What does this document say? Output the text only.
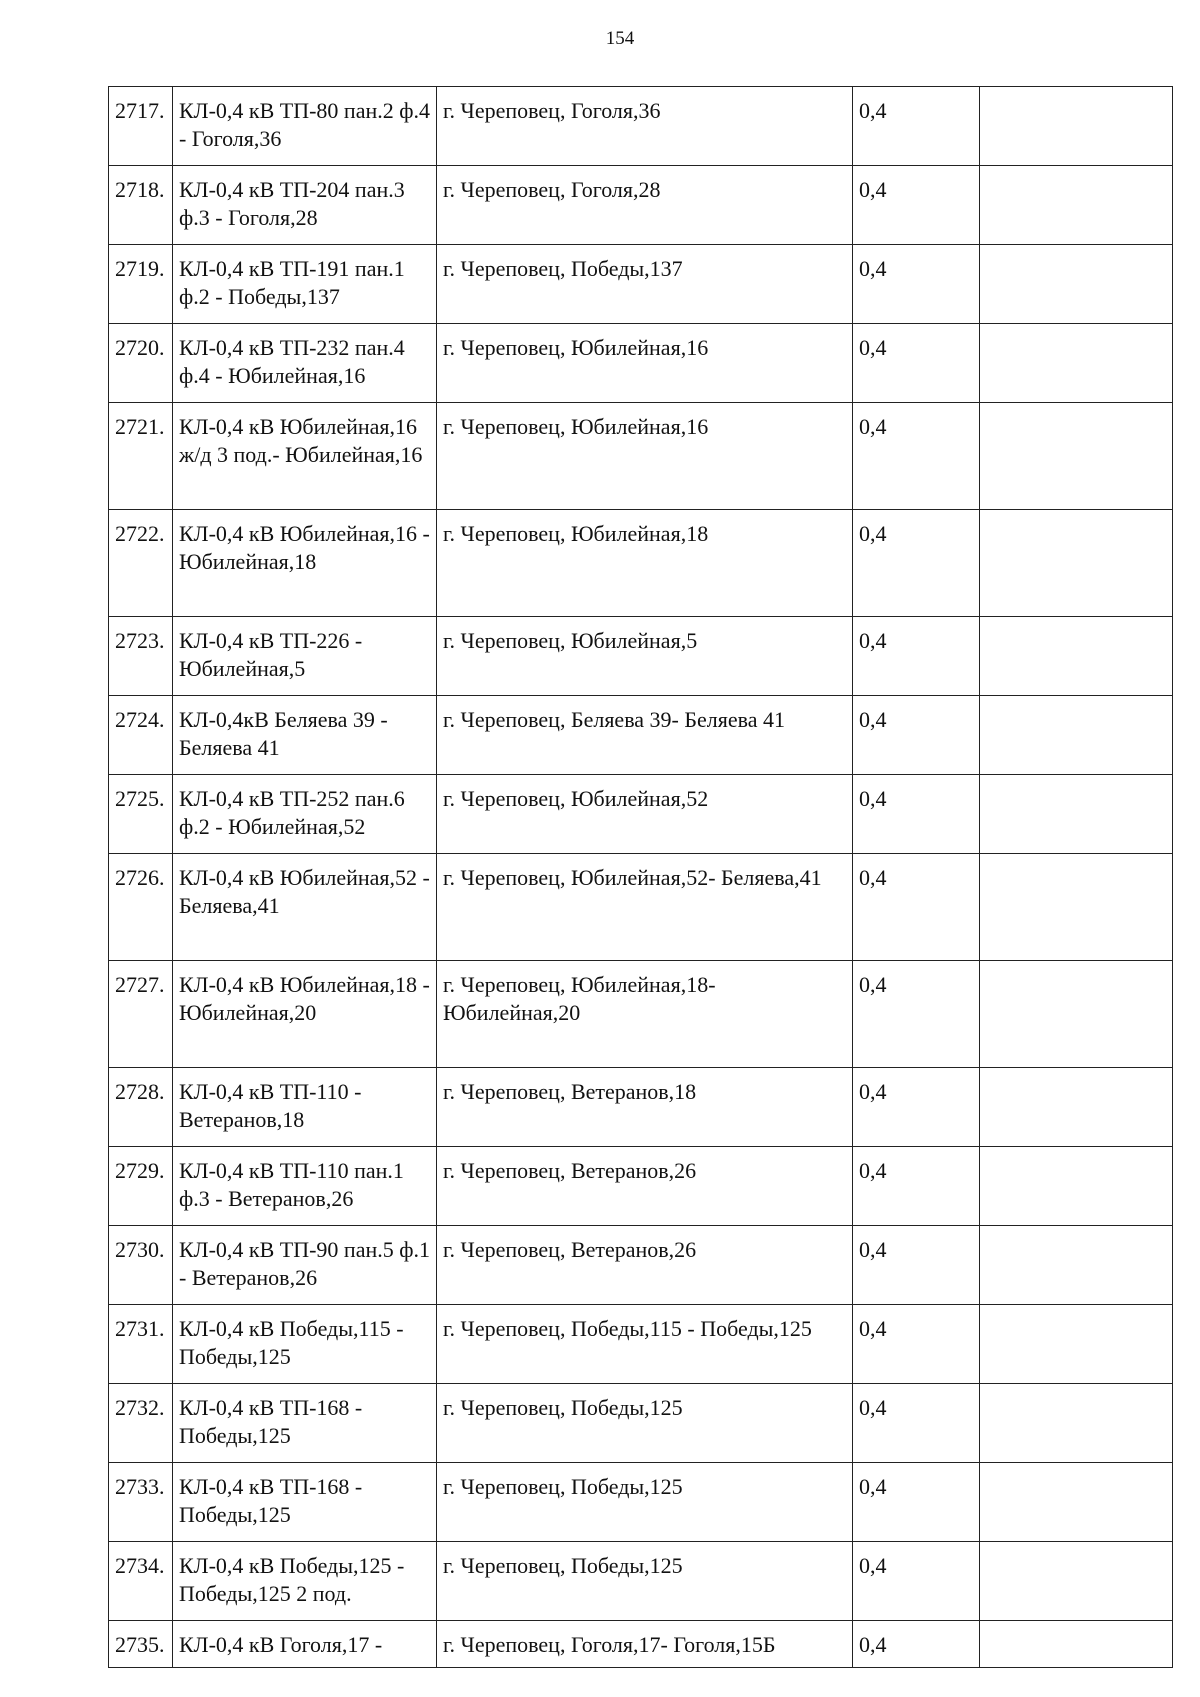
154
2717.	КЛ-0,4 кВ ТП-80 пан.2 ф.4 - Гоголя,36	г. Череповец, Гоголя,36	0,4	
2718.	КЛ-0,4 кВ ТП-204 пан.3 ф.3 - Гоголя,28	г. Череповец, Гоголя,28	0,4	
2719.	КЛ-0,4 кВ ТП-191 пан.1 ф.2 - Победы,137	г. Череповец, Победы,137	0,4	
2720.	КЛ-0,4 кВ ТП-232 пан.4 ф.4 - Юбилейная,16	г. Череповец, Юбилейная,16	0,4	
2721.	КЛ-0,4 кВ Юбилейная,16 ж/д 3 под.- Юбилейная,16	г. Череповец, Юбилейная,16	0,4	
2722.	КЛ-0,4 кВ Юбилейная,16 - Юбилейная,18	г. Череповец, Юбилейная,18	0,4	
2723.	КЛ-0,4 кВ ТП-226 - Юбилейная,5	г. Череповец, Юбилейная,5	0,4	
2724.	КЛ-0,4кВ Беляева 39 - Беляева 41	г. Череповец, Беляева 39- Беляева 41	0,4	
2725.	КЛ-0,4 кВ ТП-252 пан.6 ф.2 - Юбилейная,52	г. Череповец, Юбилейная,52	0,4	
2726.	КЛ-0,4 кВ Юбилейная,52 - Беляева,41	г. Череповец, Юбилейная,52- Беляева,41	0,4	
2727.	КЛ-0,4 кВ Юбилейная,18 - Юбилейная,20	г. Череповец, Юбилейная,18- Юбилейная,20	0,4	
2728.	КЛ-0,4 кВ ТП-110 - Ветеранов,18	г. Череповец, Ветеранов,18	0,4	
2729.	КЛ-0,4 кВ ТП-110 пан.1 ф.3 - Ветеранов,26	г. Череповец, Ветеранов,26	0,4	
2730.	КЛ-0,4 кВ ТП-90 пан.5 ф.1 - Ветеранов,26	г. Череповец, Ветеранов,26	0,4	
2731.	КЛ-0,4 кВ Победы,115 - Победы,125	г. Череповец, Победы,115 - Победы,125	0,4	
2732.	КЛ-0,4 кВ ТП-168 - Победы,125	г. Череповец, Победы,125	0,4	
2733.	КЛ-0,4 кВ ТП-168 - Победы,125	г. Череповец, Победы,125	0,4	
2734.	КЛ-0,4 кВ Победы,125 - Победы,125 2 под.	г. Череповец, Победы,125	0,4	
2735.	КЛ-0,4 кВ Гоголя,17 -	г. Череповец, Гоголя,17- Гоголя,15Б	0,4	
